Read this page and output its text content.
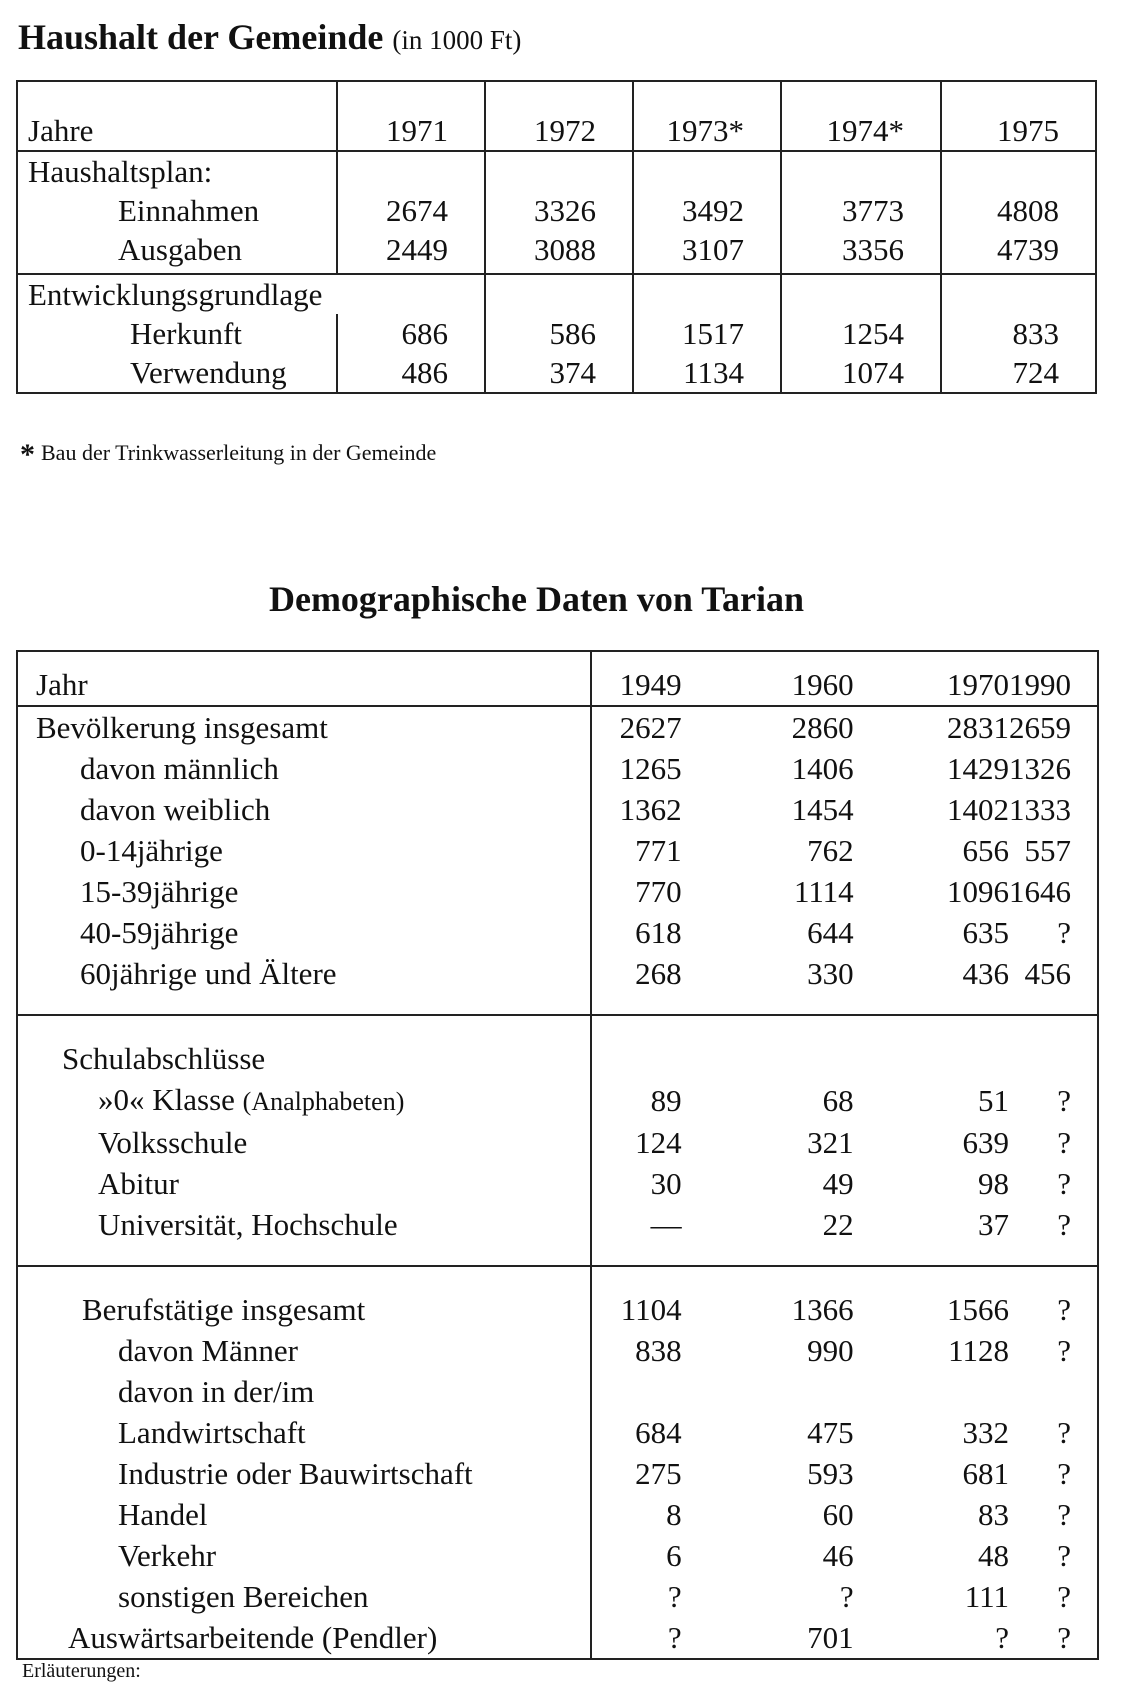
Haushalt der Gemeinde (in 1000 Ft)
Jahre	1971	1972	1973*	1974*	1975
Haushaltsplan:					
Einnahmen	2674	3326	3492	3773	4808
Ausgaben	2449	3088	3107	3356	4739
Entwicklungsgrundlage					
Herkunft	686	586	1517	1254	833
Verwendung	486	374	1134	1074	724
* Bau der Trinkwasserleitung in der Gemeinde
Demographische Daten von Tarian
Jahr	1949	1960	1970	1990
Bevölkerung insgesamt	2627	2860	2831	2659
davon männlich	1265	1406	1429	1326
davon weiblich	1362	1454	1402	1333
0-14jährige	771	762	656	557
15-39jährige	770	1114	1096	1646
40-59jährige	618	644	635	?
60jährige und Ältere	268	330	436	456
Schulabschlüsse				
»0« Klasse (Analphabeten)	89	68	51	?
Volksschule	124	321	639	?
Abitur	30	49	98	?
Universität, Hochschule	—	22	37	?
Berufstätige insgesamt	1104	1366	1566	?
davon Männer	838	990	1128	?
davon in der/im				
Landwirtschaft	684	475	332	?
Industrie oder Bauwirtschaft	275	593	681	?
Handel	8	60	83	?
Verkehr	6	46	48	?
sonstigen Bereichen	?	?	111	?
Auswärtsarbeitende (Pendler)	?	701	?	?
Erläuterungen:
